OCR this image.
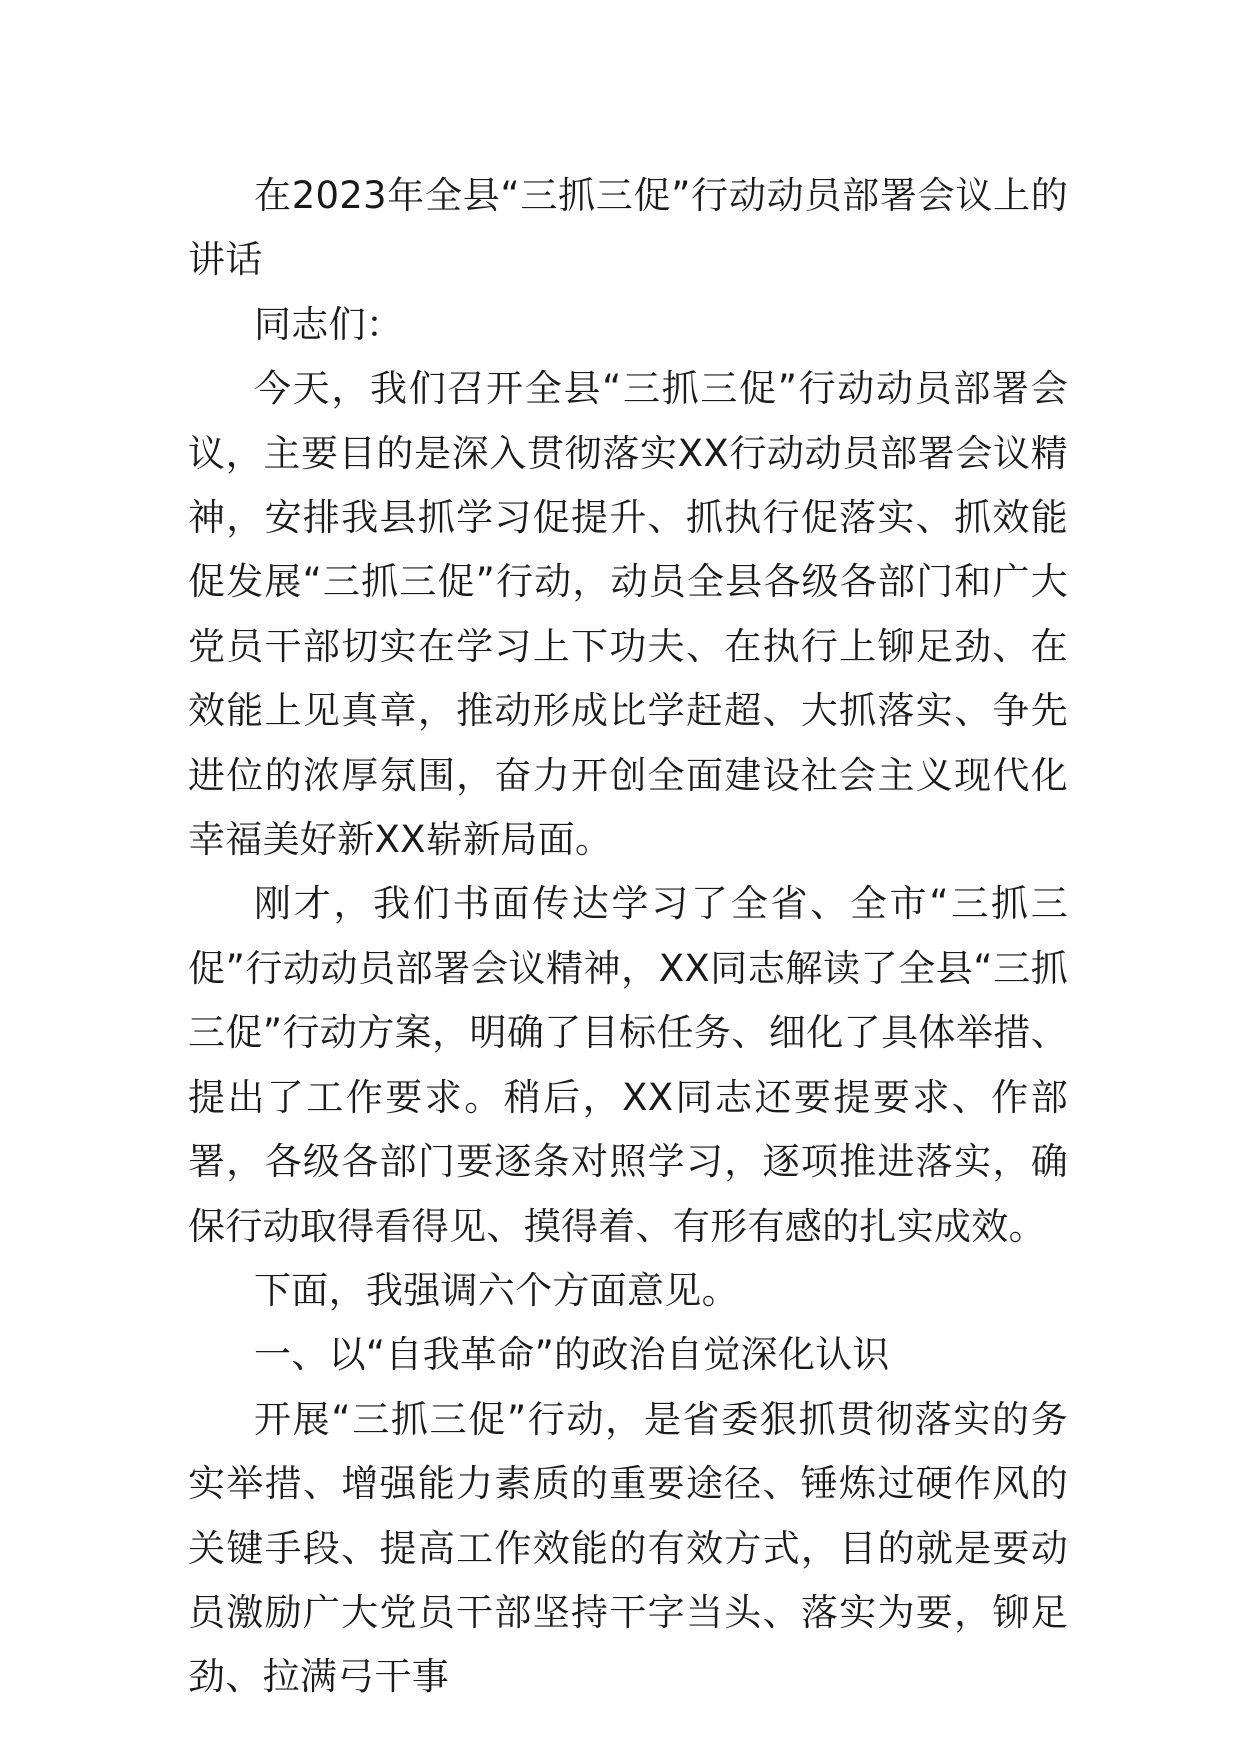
在2023年全县“三抓三促”行动动员部署会议上的讲话

同志们：

今天，我们召开全县“三抓三促”行动动员部署会议，主要目的是深入贯彻落实XX行动动员部署会议精神，安排我县抓学习促提升、抓执行促落实、抓效能促发展“三抓三促”行动，动员全县各级各部门和广大党员干部切实在学习上下功夫、在执行上铆足劲、在效能上见真章，推动形成比学赶超、大抓落实、争先进位的浓厚氛围，奋力开创全面建设社会主义现代化幸福美好新XX崭新局面。

刚才，我们书面传达学习了全省、全市“三抓三促”行动动员部署会议精神，XX同志解读了全县“三抓三促”行动方案，明确了目标任务、细化了具体举措、提出了工作要求。稍后，XX同志还要提要求、作部署，各级各部门要逐条对照学习，逐项推进落实，确保行动取得看得见、摸得着、有形有感的扎实成效。

下面，我强调六个方面意见。

一、以“自我革命”的政治自觉深化认识

开展“三抓三促”行动，是省委狠抓贯彻落实的务实举措、增强能力素质的重要途径、锤炼过硬作风的关键手段、提高工作效能的有效方式，目的就是要动员激励广大党员干部坚持干字当头、落实为要，铆足劲、拉满弓干事
